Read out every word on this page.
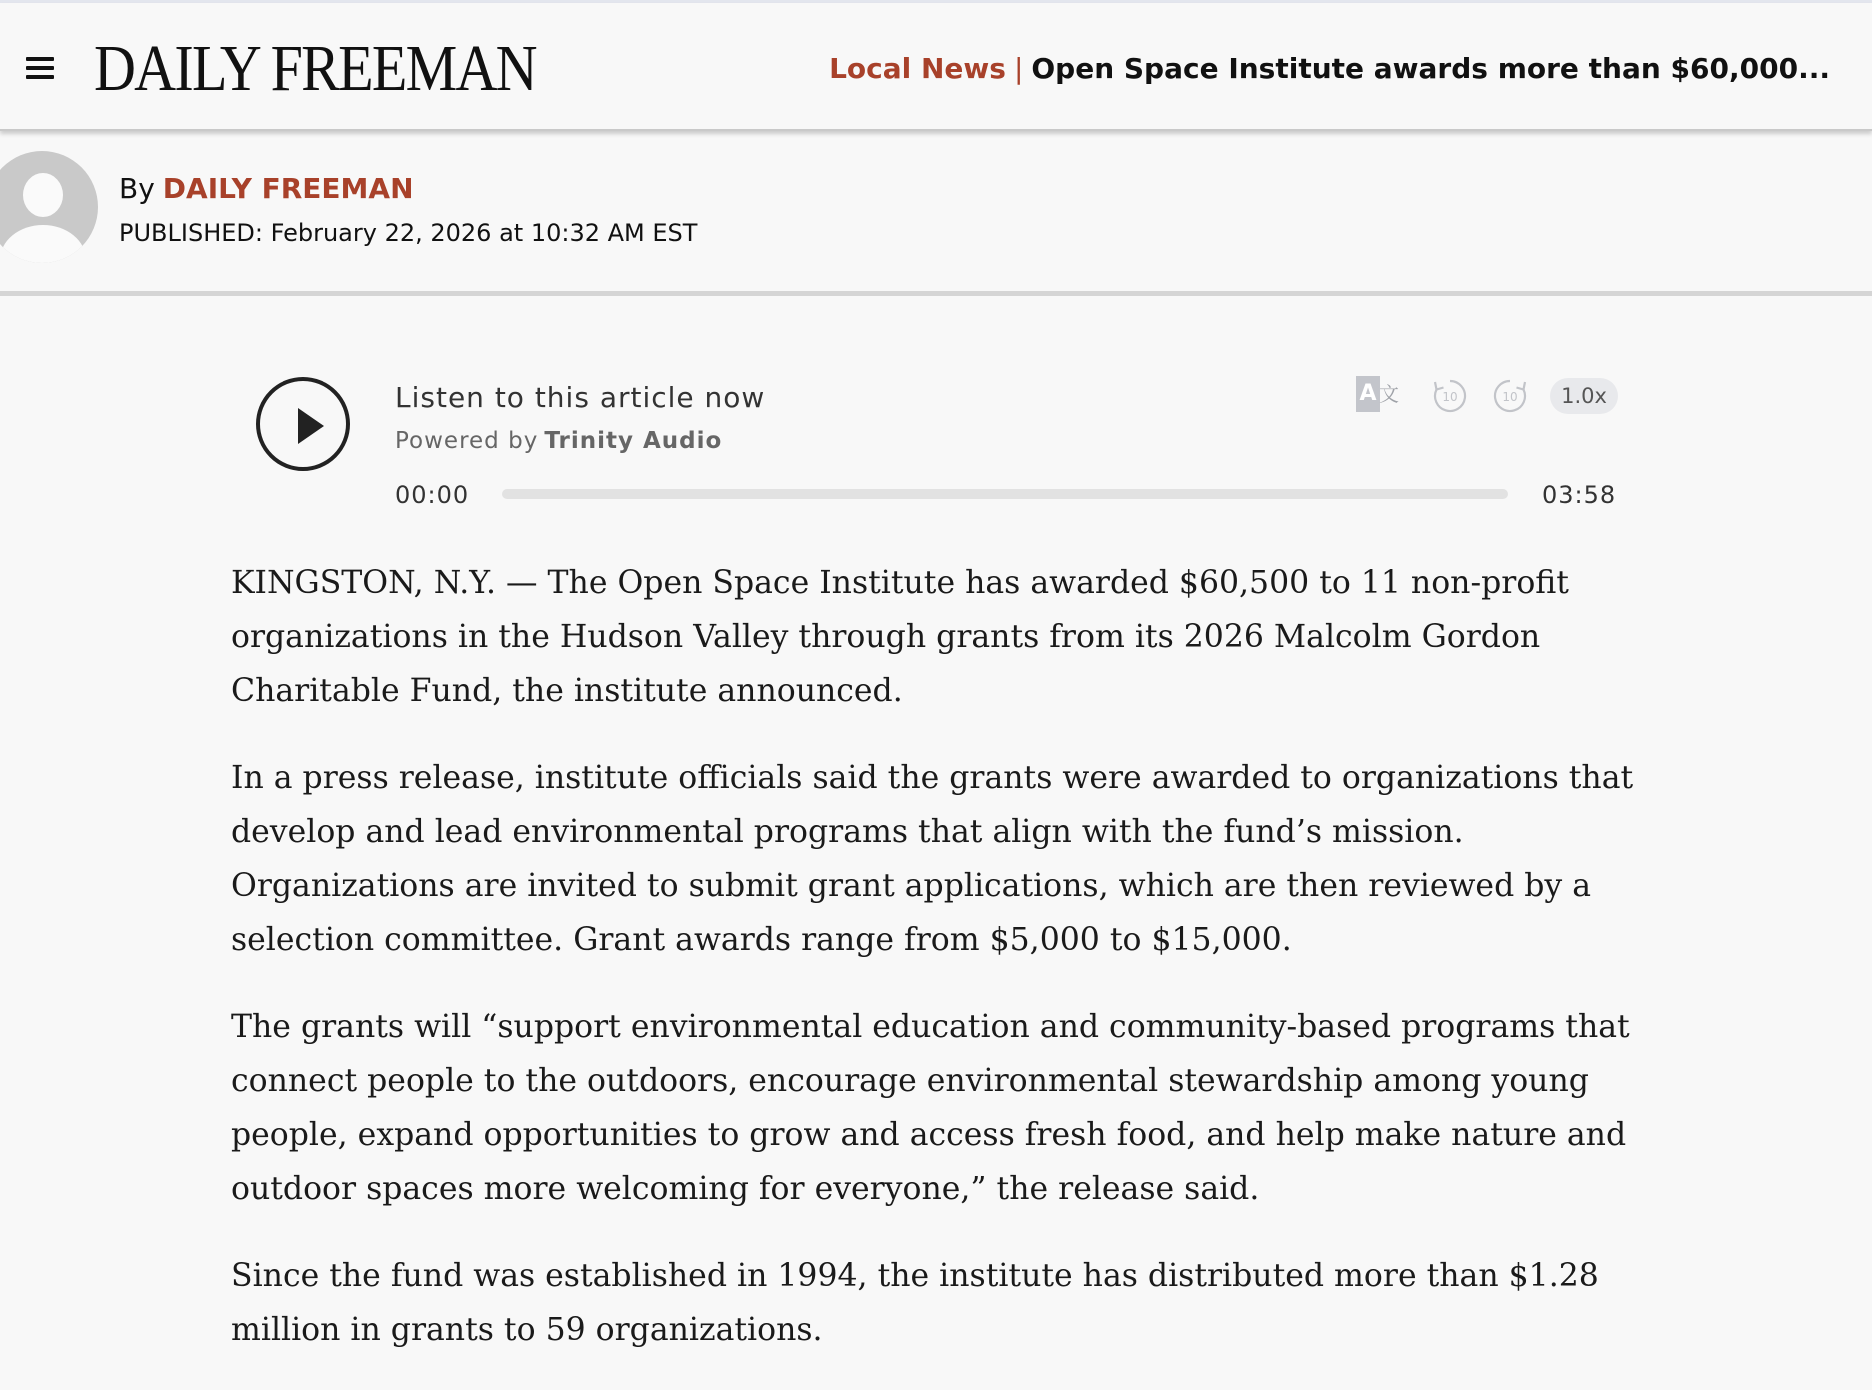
DAILY FREEMAN	Local News | Open Space Institute awards more than $60,000...
By DAILY FREEMAN
PUBLISHED: February 22, 2026 at 10:32 AM EST
Listen to this article now
Powered by Trinity Audio
A 文	10	10	1.0x
00:00	03:58

KINGSTON, N.Y. — The Open Space Institute has awarded $60,500 to 11 non-profit organizations in the Hudson Valley through grants from its 2026 Malcolm Gordon Charitable Fund, the institute announced.

In a press release, institute officials said the grants were awarded to organizations that develop and lead environmental programs that align with the fund’s mission. Organizations are invited to submit grant applications, which are then reviewed by a selection committee. Grant awards range from $5,000 to $15,000.

The grants will “support environmental education and community-based programs that connect people to the outdoors, encourage environmental stewardship among young people, expand opportunities to grow and access fresh food, and help make nature and outdoor spaces more welcoming for everyone,” the release said.

Since the fund was established in 1994, the institute has distributed more than $1.28 million in grants to 59 organizations.
